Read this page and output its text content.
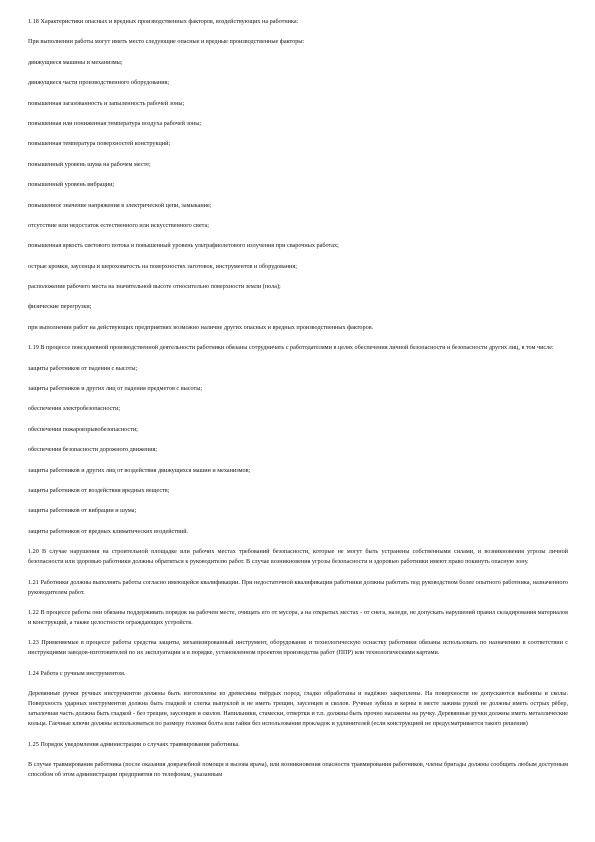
1.18 Характеристики опасных и вредных производственных факторов, воздействующих на работника:

При выполнении работы могут иметь место следующие опасные и вредные производственные факторы:

движущиеся машины и механизмы;

движущиеся части производственного оборудования;

повышенная загазованность и запыленность рабочей зоны;

повышенная или пониженная температура воздуха рабочей зоны;

повышенная температура поверхностей конструкций;

повышенный уровень шума на рабочем месте;

повышенный уровень вибрации;

повышенное значение напряжения в электрической цепи, замыкание;

отсутствие или недостаток естественного или искусственного света;

повышенная яркость светового потока и повышенный уровень ультрафиолетового излучения при сварочных работах;

острые кромки, заусенцы и шероховатость на поверхностях заготовок, инструментов и оборудования;

расположение рабочего места на значительной высоте относительно поверхности земли (пола);

физические перегрузки;

при выполнении работ на действующих предприятиях возможно наличие других опасных и вредных производственных факторов.

1.19 В процессе повседневной производственной деятельности работники обязаны сотрудничать с работодателями в целях обеспечения личной безопасности и безопасности других лиц, в том числе:

защиты работников от падения с высоты;

защиты работников и других лиц от падения предметов с высоты;

обеспечения электробезопасности;

обеспечения пожаровзрывобезопасности;

обеспечения безопасности дорожного движения;

защиты работников и других лиц от воздействия движущихся машин и механизмов;

защиты работников от воздействия вредных веществ;

защиты работников от вибрации и шума;

защиты работников от вредных климатических воздействий.

1.20 В случае нарушения на строительной площадке или рабочих местах требований безопасности, которые не могут быть устранены собственными силами, и возникновения угрозы личной безопасности или здоровью работники должны обратиться к руководителю работ. В случае возникновения угрозы безопасности и здоровью работники имеют право покинуть опасную зону.

1.21 Работники должны выполнять работы согласно имеющейся квалификации. При недостаточной квалификации работники должны работать под руководством более опытного работника, назначенного руководителем работ.

1.22 В процессе работы они обязаны поддерживать порядок на рабочем месте, очищать его от мусора, а на открытых местах - от снега, наледи, не допускать нарушений правил складирования материалов и конструкций, а также целостности ограждающих устройств.

1.23 Применяемые в процессе работы средства защиты, механизированный инструмент, оборудование и технологическую оснастку работники обязаны использовать по назначению в соответствии с инструкциями заводов-изготовителей по их эксплуатации и в порядке, установленном проектом производства работ (ППР) или технологическими картами.

1.24 Работа с ручным инструментом.

Деревянные ручки ручных инструментов должны быть изготовлены из древесины твёрдых пород, гладко обработаны и надёжно закреплены. На поверхности не допускаются выбоины и сколы. Поверхность ударных инструментов должна быть гладкой и слегка выпуклой и не иметь трещин, заусенцев и сколов. Ручные зубила и керны в месте зажима рукой не должны иметь острых рёбер, затылочная часть должна быть гладкой - без трещин, заусенцев и сколов. Напильники, стамески, отвертки и т.п. должны быть прочно насажены на ручку. Деревянные ручки должны иметь металлические кольца. Гаечные ключи должны использоваться по размеру головки болта или гайки без использования прокладок и удлинителей (если конструкцией не предусматривается такого решения)

1.25 Порядок уведомления администрации о случаях травмирования работника.

В случае травмирования работника (после оказания доврачебной помощи и вызова врача), или возникновения опасности травмирования работников, члены бригады должны сообщить любым доступным способом об этом администрации предприятия по телефонам, указанным
